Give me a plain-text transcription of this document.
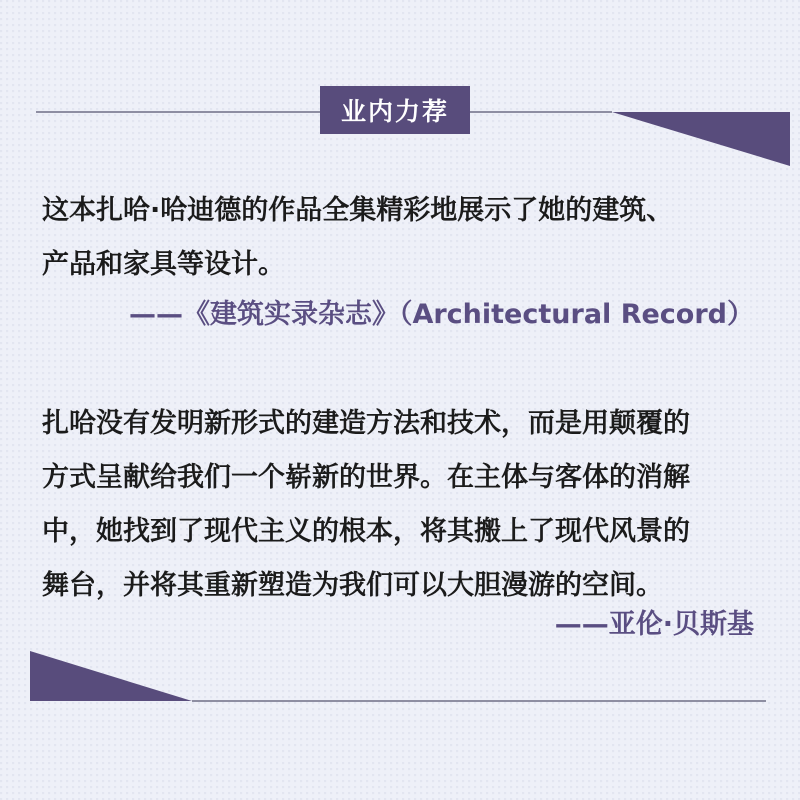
业内力荐

这本扎哈·哈迪德的作品全集精彩地展示了她的建筑、

产品和家具等设计。

——《建筑实录杂志》（Architectural Record）

扎哈没有发明新形式的建造方法和技术，而是用颠覆的

方式呈献给我们一个崭新的世界。在主体与客体的消解

中，她找到了现代主义的根本，将其搬上了现代风景的

舞台，并将其重新塑造为我们可以大胆漫游的空间。

——亚伦·贝斯基
